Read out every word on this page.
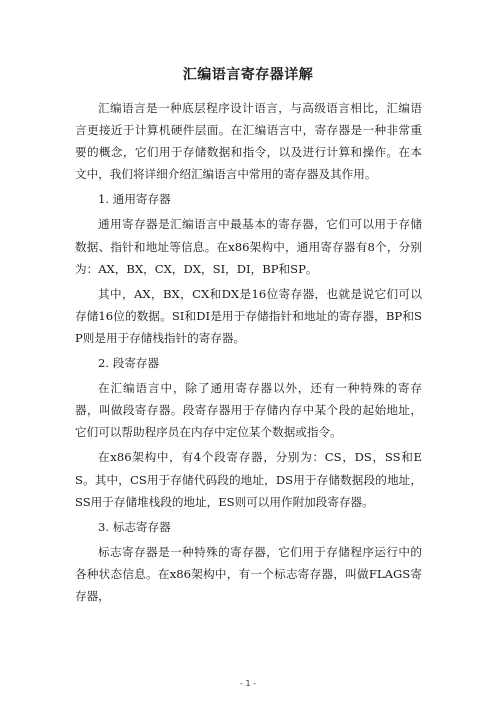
汇编语言寄存器详解

汇编语言是一种底层程序设计语言，与高级语言相比，汇编语言更接近于计算机硬件层面。在汇编语言中，寄存器是一种非常重要的概念，它们用于存储数据和指令，以及进行计算和操作。在本文中，我们将详细介绍汇编语言中常用的寄存器及其作用。

1. 通用寄存器

通用寄存器是汇编语言中最基本的寄存器，它们可以用于存储数据、指针和地址等信息。在x86架构中，通用寄存器有8个，分别为：AX，BX，CX，DX，SI，DI，BP和SP。

其中，AX，BX，CX和DX是16位寄存器，也就是说它们可以存储16位的数据。SI和DI是用于存储指针和地址的寄存器，BP和SP则是用于存储栈指针的寄存器。

2. 段寄存器

在汇编语言中，除了通用寄存器以外，还有一种特殊的寄存器，叫做段寄存器。段寄存器用于存储内存中某个段的起始地址，它们可以帮助程序员在内存中定位某个数据或指令。

在x86架构中，有4个段寄存器，分别为：CS，DS，SS和ES。其中，CS用于存储代码段的地址，DS用于存储数据段的地址，SS用于存储堆栈段的地址，ES则可以用作附加段寄存器。

3. 标志寄存器

标志寄存器是一种特殊的寄存器，它们用于存储程序运行中的各种状态信息。在x86架构中，有一个标志寄存器，叫做FLAGS寄存器，

- 1 -
